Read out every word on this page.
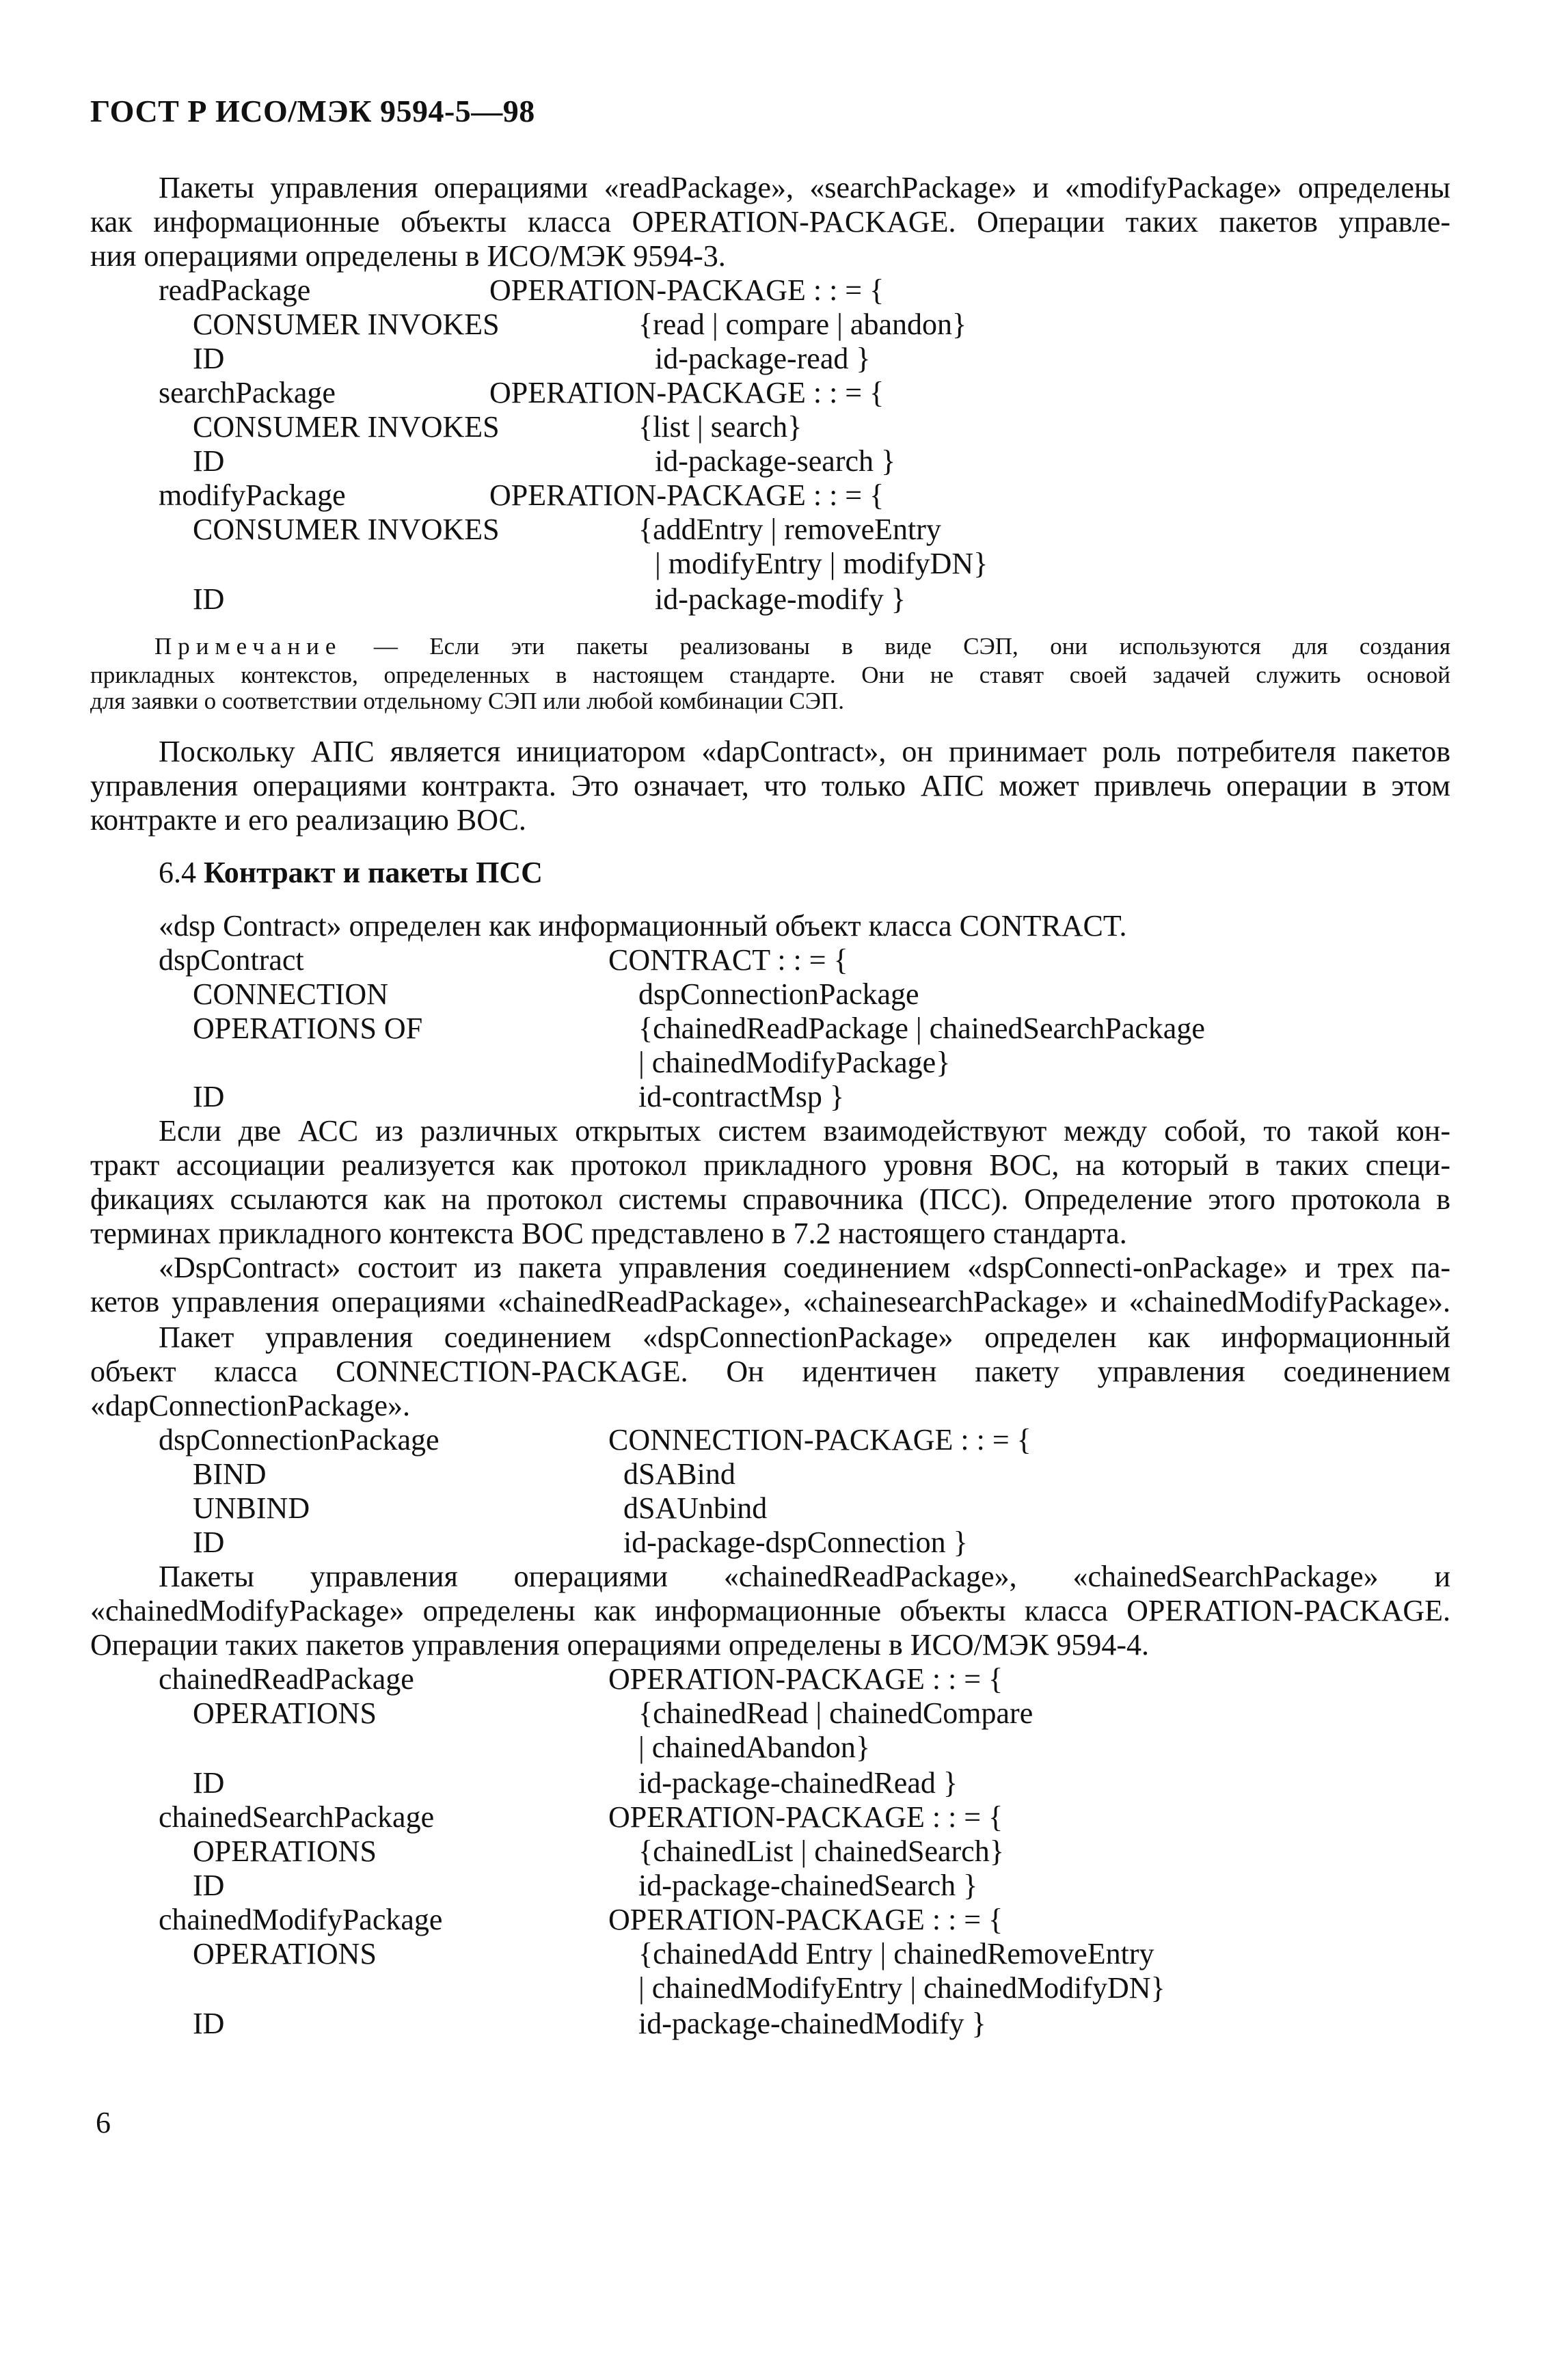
ГОСТ Р ИСО/МЭК 9594-5—98
Пакеты управления операциями «readPackage», «searchPackage» и «modifyPackage» определены
как информационные объекты класса OPERATION-PACKAGE. Операции таких пакетов управле-
ния операциями определены в ИСО/МЭК 9594-3.
readPackage	OPERATION-PACKAGE : : = {
CONSUMER INVOKES	{read | compare | abandon}
ID	id-package-read }
searchPackage	OPERATION-PACKAGE : : = {
CONSUMER INVOKES	{list | search}
ID	id-package-search }
modifyPackage	OPERATION-PACKAGE : : = {
CONSUMER INVOKES	{addEntry | removeEntry
| modifyEntry | modifyDN}
ID	id-package-modify }
Примечание — Если эти пакеты реализованы в виде СЭП, они используются для создания
прикладных контекстов, определенных в настоящем стандарте. Они не ставят своей задачей служить основой
для заявки о соответствии отдельному СЭП или любой комбинации СЭП.
Поскольку АПС является инициатором «dapContract», он принимает роль потребителя пакетов
управления операциями контракта. Это означает, что только АПС может привлечь операции в этом
контракте и его реализацию ВОС.
6.4 Контракт и пакеты ПСС
«dsp Contract» определен как информационный объект класса CONTRACT.
dspContract	CONTRACT : : = {
CONNECTION	dspConnectionPackage
OPERATIONS OF	{chainedReadPackage | chainedSearchPackage
| chainedModifyPackage}
ID	id-contractMsp }
Если две АСС из различных открытых систем взаимодействуют между собой, то такой кон-
тракт ассоциации реализуется как протокол прикладного уровня ВОС, на который в таких специ-
фикациях ссылаются как на протокол системы справочника (ПСС). Определение этого протокола в
терминах прикладного контекста ВОС представлено в 7.2 настоящего стандарта.
«DspContract» состоит из пакета управления соединением «dspConnecti-onPackage» и трех па-
кетов управления операциями «chainedReadPackage», «chainesearchPackage» и «chainedModifyPackage».
Пакет управления соединением «dspConnectionPackage» определен как информационный
объект класса CONNECTION-PACKAGE. Он идентичен пакету управления соединением
«dapConnectionPackage».
dspConnectionPackage	CONNECTION-PACKAGE : : = {
BIND	dSABind
UNBIND	dSAUnbind
ID	id-package-dspConnection }
Пакеты управления операциями «chainedReadPackage», «chainedSearchPackage» и
«chainedModifyPackage» определены как информационные объекты класса OPERATION-PACKAGE.
Операции таких пакетов управления операциями определены в ИСО/МЭК 9594-4.
chainedReadPackage	OPERATION-PACKAGE : : = {
OPERATIONS	{chainedRead | chainedCompare
| chainedAbandon}
ID	id-package-chainedRead }
chainedSearchPackage	OPERATION-PACKAGE : : = {
OPERATIONS	{chainedList | chainedSearch}
ID	id-package-chainedSearch }
chainedModifyPackage	OPERATION-PACKAGE : : = {
OPERATIONS	{chainedAdd Entry | chainedRemoveEntry
| chainedModifyEntry | chainedModifyDN}
ID	id-package-chainedModify }
6
